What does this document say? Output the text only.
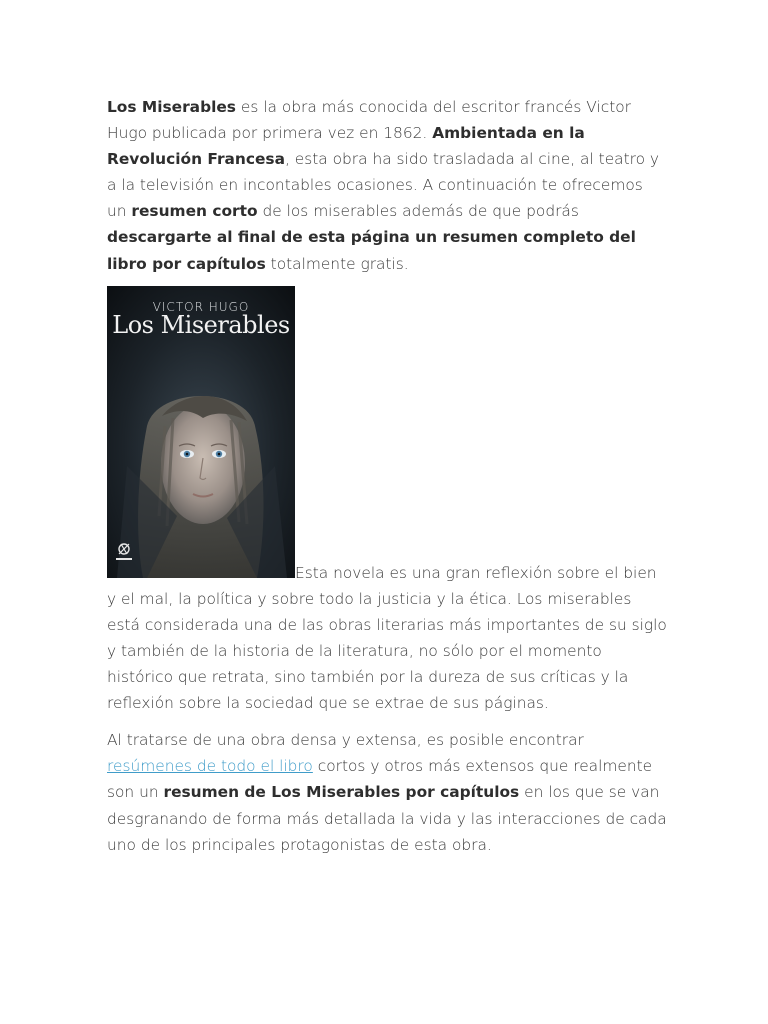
Los Miserables es la obra más conocida del escritor francés Victor Hugo publicada por primera vez en 1862. Ambientada en la Revolución Francesa, esta obra ha sido trasladada al cine, al teatro y a la televisión en incontables ocasiones. A continuación te ofrecemos un resumen corto de los miserables además de que podrás descargarte al final de esta página un resumen completo del libro por capítulos totalmente gratis.

VICTOR HUGO
Los Miserables
Esta novela es una gran reflexión sobre el bien y el mal, la política y sobre todo la justicia y la ética. Los miserables está considerada una de las obras literarias más importantes de su siglo y también de la historia de la literatura, no sólo por el momento histórico que retrata, sino también por la dureza de sus críticas y la reflexión sobre la sociedad que se extrae de sus páginas.

Al tratarse de una obra densa y extensa, es posible encontrar resúmenes de todo el libro cortos y otros más extensos que realmente son un resumen de Los Miserables por capítulos en los que se van desgranando de forma más detallada la vida y las interacciones de cada uno de los principales protagonistas de esta obra.
